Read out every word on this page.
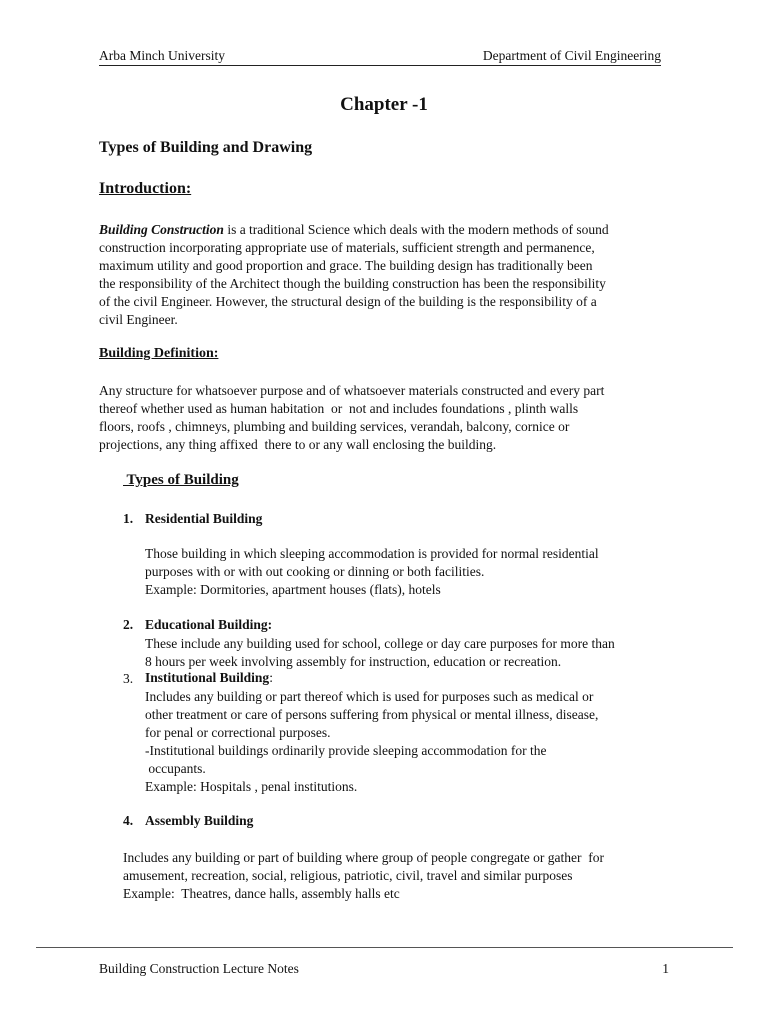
Arba Minch University	Department of Civil Engineering
Chapter -1
Types of Building and Drawing
Introduction:
Building Construction is a traditional Science which deals with the modern methods of sound
construction incorporating appropriate use of materials, sufficient strength and permanence,
maximum utility and good proportion and grace. The building design has traditionally been
the responsibility of the Architect though the building construction has been the responsibility
of the civil Engineer. However, the structural design of the building is the responsibility of a
civil Engineer.
Building Definition:
Any structure for whatsoever purpose and of whatsoever materials constructed and every part
thereof whether used as human habitation  or  not and includes foundations , plinth walls
floors, roofs , chimneys, plumbing and building services, verandah, balcony, cornice or
projections, any thing affixed  there to or any wall enclosing the building.
Types of Building
1. Residential Building
Those building in which sleeping accommodation is provided for normal residential
purposes with or with out cooking or dinning or both facilities.
Example: Dormitories, apartment houses (flats), hotels
2. Educational Building:
These include any building used for school, college or day care purposes for more than
8 hours per week involving assembly for instruction, education or recreation.
3. Institutional Building:
Includes any building or part thereof which is used for purposes such as medical or
other treatment or care of persons suffering from physical or mental illness, disease,
for penal or correctional purposes.
-Institutional buildings ordinarily provide sleeping accommodation for the
occupants.
Example: Hospitals , penal institutions.
4. Assembly Building
Includes any building or part of building where group of people congregate or gather  for
amusement, recreation, social, religious, patriotic, civil, travel and similar purposes
Example:  Theatres, dance halls, assembly halls etc
Building Construction Lecture Notes	1
